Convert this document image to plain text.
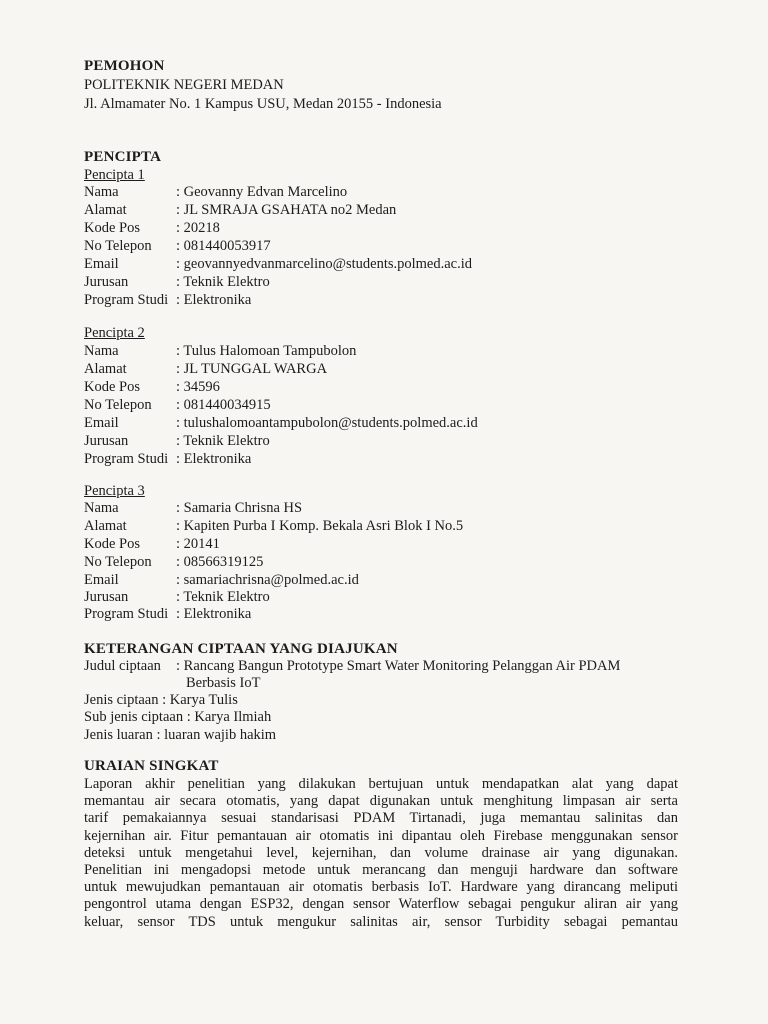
PEMOHON
POLITEKNIK NEGERI MEDAN
Jl. Almamater No. 1 Kampus USU, Medan 20155 - Indonesia
PENCIPTA
Pencipta 1
Nama	: Geovanny Edvan Marcelino
Alamat	: JL SMRAJA GSAHATA no2 Medan
Kode Pos : 20218
No Telepon : 081440053917
Email	: geovannyedvanmarcelino@students.polmed.ac.id
Jurusan	: Teknik Elektro
Program Studi : Elektronika
Pencipta 2
Nama	: Tulus Halomoan Tampubolon
Alamat	: JL TUNGGAL WARGA
Kode Pos : 34596
No Telepon : 081440034915
Email	: tulushalomoantampubolon@students.polmed.ac.id
Jurusan	: Teknik Elektro
Program Studi : Elektronika
Pencipta 3
Nama	: Samaria Chrisna HS
Alamat	: Kapiten Purba I Komp. Bekala Asri Blok I No.5
Kode Pos : 20141
No Telepon : 08566319125
Email	: samariachrisna@polmed.ac.id
Jurusan	: Teknik Elektro
Program Studi : Elektronika
KETERANGAN CIPTAAN YANG DIAJUKAN
Judul ciptaan : Rancang Bangun Prototype Smart Water Monitoring Pelanggan Air PDAM
Berbasis IoT
Jenis ciptaan : Karya Tulis
Sub jenis ciptaan : Karya Ilmiah
Jenis luaran : luaran wajib hakim
URAIAN SINGKAT
Laporan akhir penelitian yang dilakukan bertujuan untuk mendapatkan alat yang dapat
memantau air secara otomatis, yang dapat digunakan untuk menghitung limpasan air serta
tarif pemakaiannya sesuai standarisasi PDAM Tirtanadi, juga memantau salinitas dan
kejernihan air. Fitur pemantauan air otomatis ini dipantau oleh Firebase menggunakan sensor
deteksi untuk mengetahui level, kejernihan, dan volume drainase air yang digunakan.
Penelitian ini mengadopsi metode untuk merancang dan menguji hardware dan software
untuk mewujudkan pemantauan air otomatis berbasis IoT. Hardware yang dirancang meliputi
pengontrol utama dengan ESP32, dengan sensor Waterflow sebagai pengukur aliran air yang
keluar, sensor TDS untuk mengukur salinitas air, sensor Turbidity sebagai pemantau
